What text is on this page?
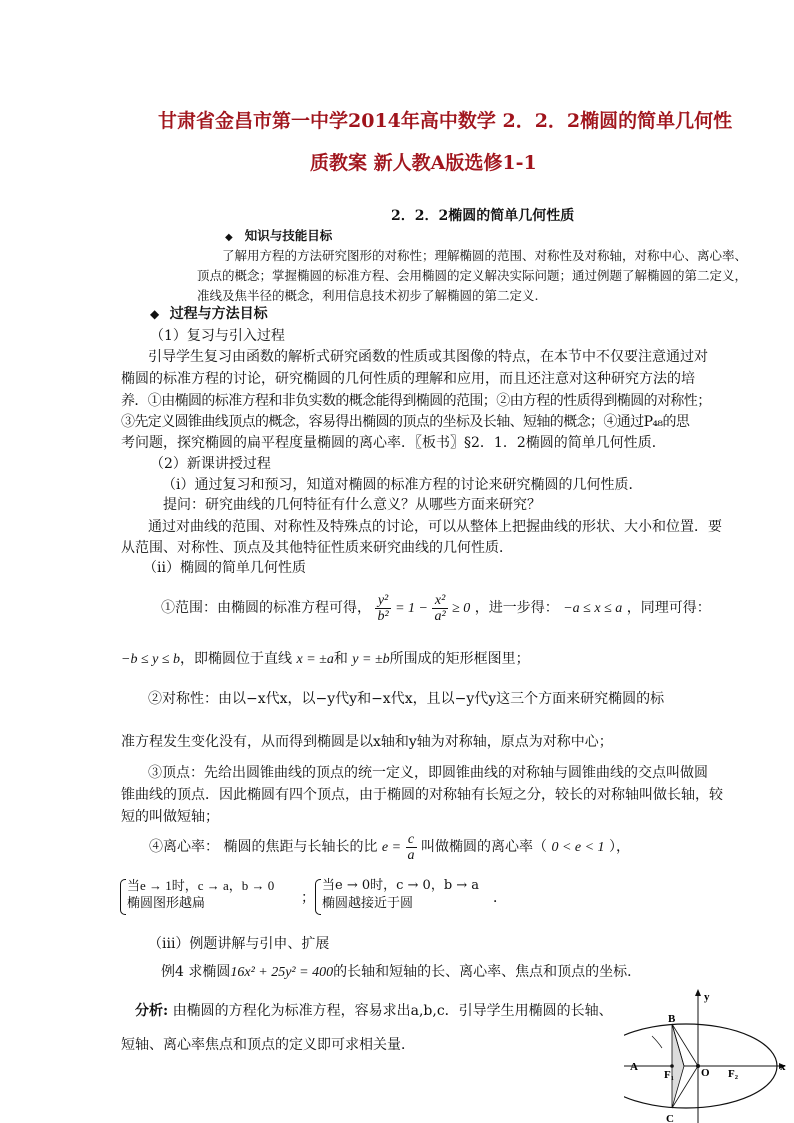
甘肃省金昌市第一中学2014年高中数学 2．2．2椭圆的简单几何性
质教案 新人教A版选修1-1
2．2．2椭圆的简单几何性质
◆ 知识与技能目标
了解用方程的方法研究图形的对称性；理解椭圆的范围、对称性及对称轴，对称中心、离心率、
顶点的概念；掌握椭圆的标准方程、会用椭圆的定义解决实际问题；通过例题了解椭圆的第二定义，
准线及焦半径的概念，利用信息技术初步了解椭圆的第二定义.
◆ 过程与方法目标
（1）复习与引入过程
引导学生复习由函数的解析式研究函数的性质或其图像的特点，在本节中不仅要注意通过对
椭圆的标准方程的讨论，研究椭圆的几何性质的理解和应用，而且还注意对这种研究方法的培
养．①由椭圆的标准方程和非负实数的概念能得到椭圆的范围；②由方程的性质得到椭圆的对称性；
③先定义圆锥曲线顶点的概念，容易得出椭圆的顶点的坐标及长轴、短轴的概念；④通过P₄₈的思
考问题，探究椭圆的扁平程度量椭圆的离心率．〖板书〗§2．1．2椭圆的简单几何性质．
（2）新课讲授过程
（i）通过复习和预习，知道对椭圆的标准方程的讨论来研究椭圆的几何性质．
提问：研究曲线的几何特征有什么意义？从哪些方面来研究？
通过对曲线的范围、对称性及特殊点的讨论，可以从整体上把握曲线的形状、大小和位置．要
从范围、对称性、顶点及其他特征性质来研究曲线的几何性质．
（ii）椭圆的简单几何性质
①范围：由椭圆的标准方程可得， $\frac{\text{y²}}{\text{b²}} = 1 - \frac{\text{x²}}{\text{a²}} \ge 0$ ，进一步得： −a ≤ x ≤ a ，同理可得：
−b ≤ y ≤ b，即椭圆位于直线 x = ±a和 y = ±b所围成的矩形框图里；
②对称性：由以−x代x，以−y代y和−x代x，且以−y代y这三个方面来研究椭圆的标
准方程发生变化没有，从而得到椭圆是以x轴和y轴为对称轴，原点为对称中心；
③顶点：先给出圆锥曲线的顶点的统一定义，即圆锥曲线的对称轴与圆锥曲线的交点叫做圆
锥曲线的顶点．因此椭圆有四个顶点，由于椭圆的对称轴有长短之分，较长的对称轴叫做长轴，较
短的叫做短轴；
④离心率： 椭圆的焦距与长轴长的比 $e = \frac{c}{a}$ 叫做椭圆的离心率（ 0 < e < 1 ），
当e → 1时，c → a，b → 0
椭圆图形越扁	；
当e → 0时，c → 0，b → a
椭圆越接近于圆	．
（iii）例题讲解与引申、扩展
例4 求椭圆16x² + 25y² = 400的长轴和短轴的长、离心率、焦点和顶点的坐标．
分析: 由椭圆的方程化为标准方程，容易求出a,b,c．引导学生用椭圆的长轴、
短轴、离心率焦点和顶点的定义即可求相关量．
y
x
B
A
F₁ O F₂
C
